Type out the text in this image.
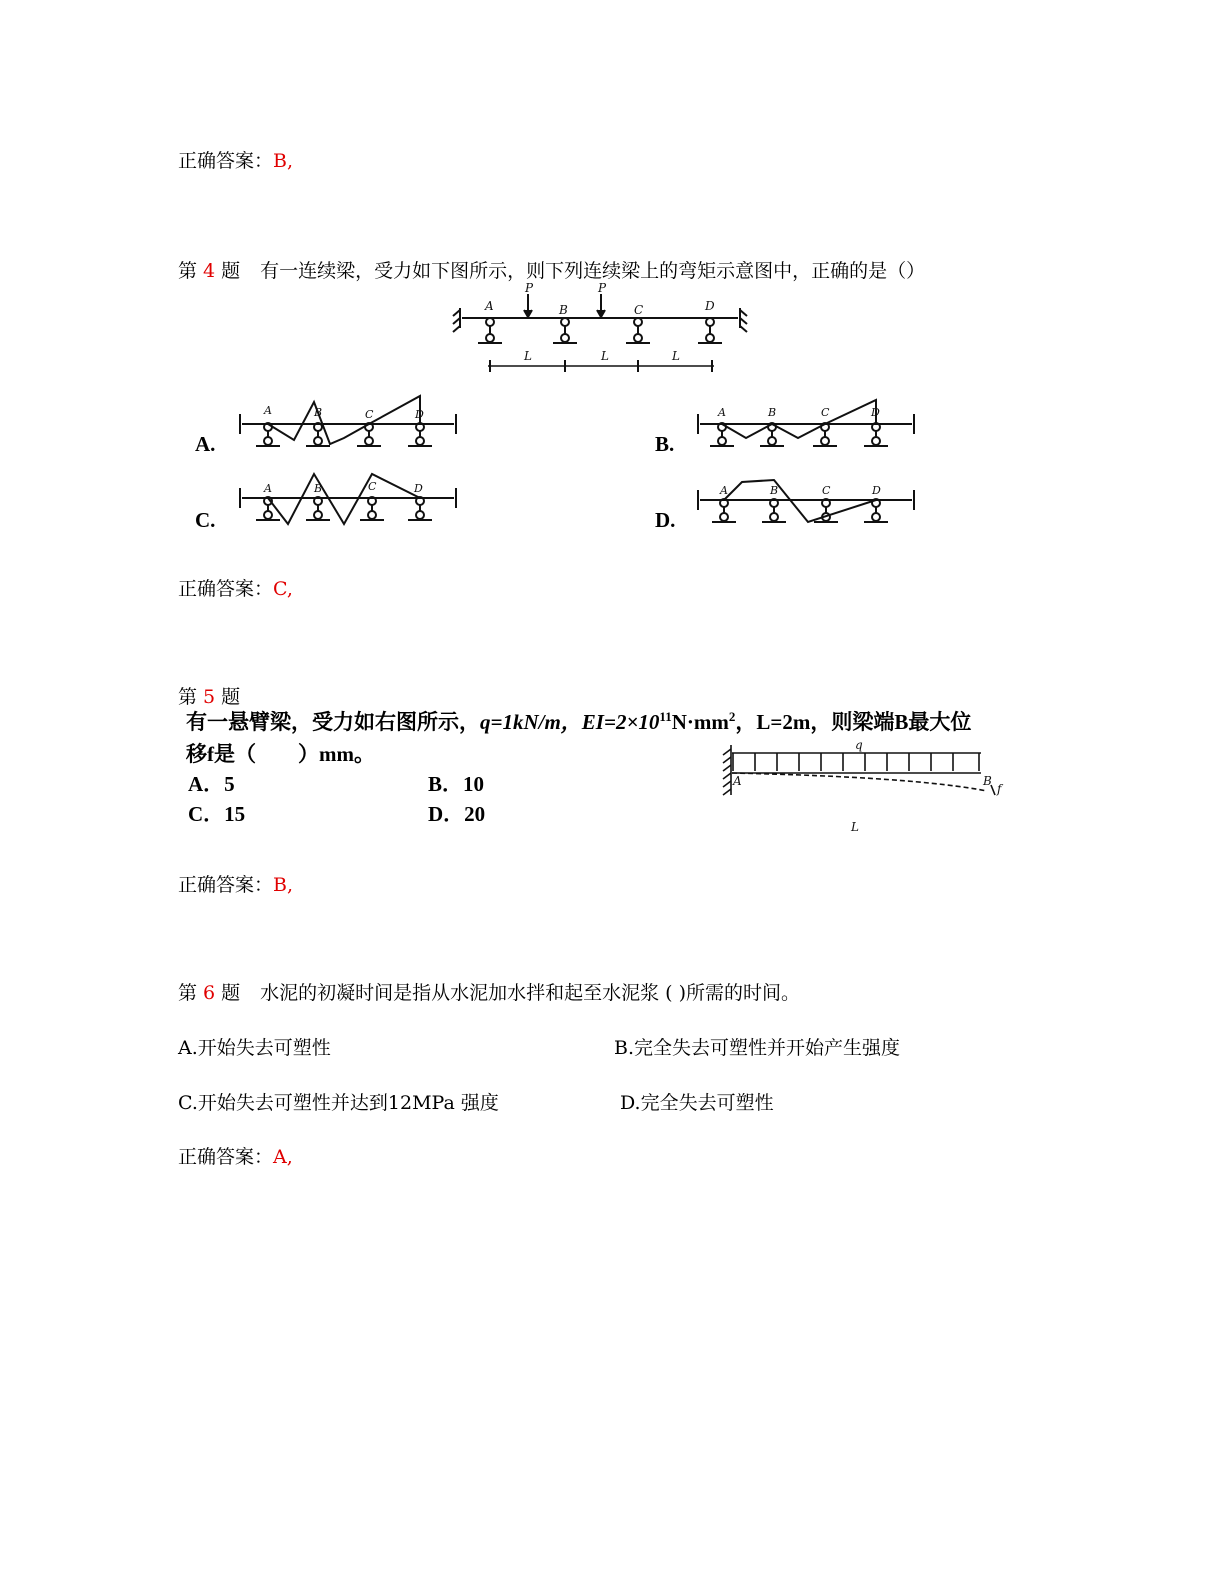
正确答案：B,
第 4 题 有一连续梁，受力如下图所示，则下列连续梁上的弯矩示意图中，正确的是（）
A	B	C	D
P	P
L	L	L
A.
A	B	C	D
B.
A	B	C	D
C.
A	B	C	D
D.
A	B	C	D
正确答案：C,
第 5 题
有一悬臂梁，受力如右图所示，q=1kN/m，$EI=2\times 10^{11}N\cdot mm^2$，L=2m，则梁端B最大位
移f是（　　）mm。
A．5	B．10
C．15	D．20
q
A	B
f
L
正确答案：B,
第 6 题 水泥的初凝时间是指从水泥加水拌和起至水泥浆 ( )所需的时间。
A.开始失去可塑性	B.完全失去可塑性并开始产生强度
C.开始失去可塑性并达到12MPa 强度	D.完全失去可塑性
正确答案：A,
